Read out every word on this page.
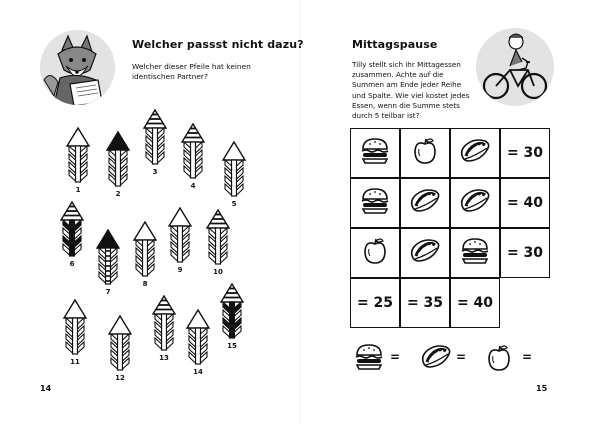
Welcher passst nicht dazu?
Welcher dieser Pfeile hat keinen identischen Partner?
1	2
3
4
5
6
7
8
9	10
11
12
13
14
15
14
Mittagspause
Tilly stellt sich ihr Mittagessen zusammen. Achte auf die Summen am Ende jeder Reihe und Spalte. Wie viel kostet jedes Essen, wenn die Summe stets durch 5 teilbar ist?
= 30
= 40
= 30
= 25 = 35 = 40
=	=	=
15
